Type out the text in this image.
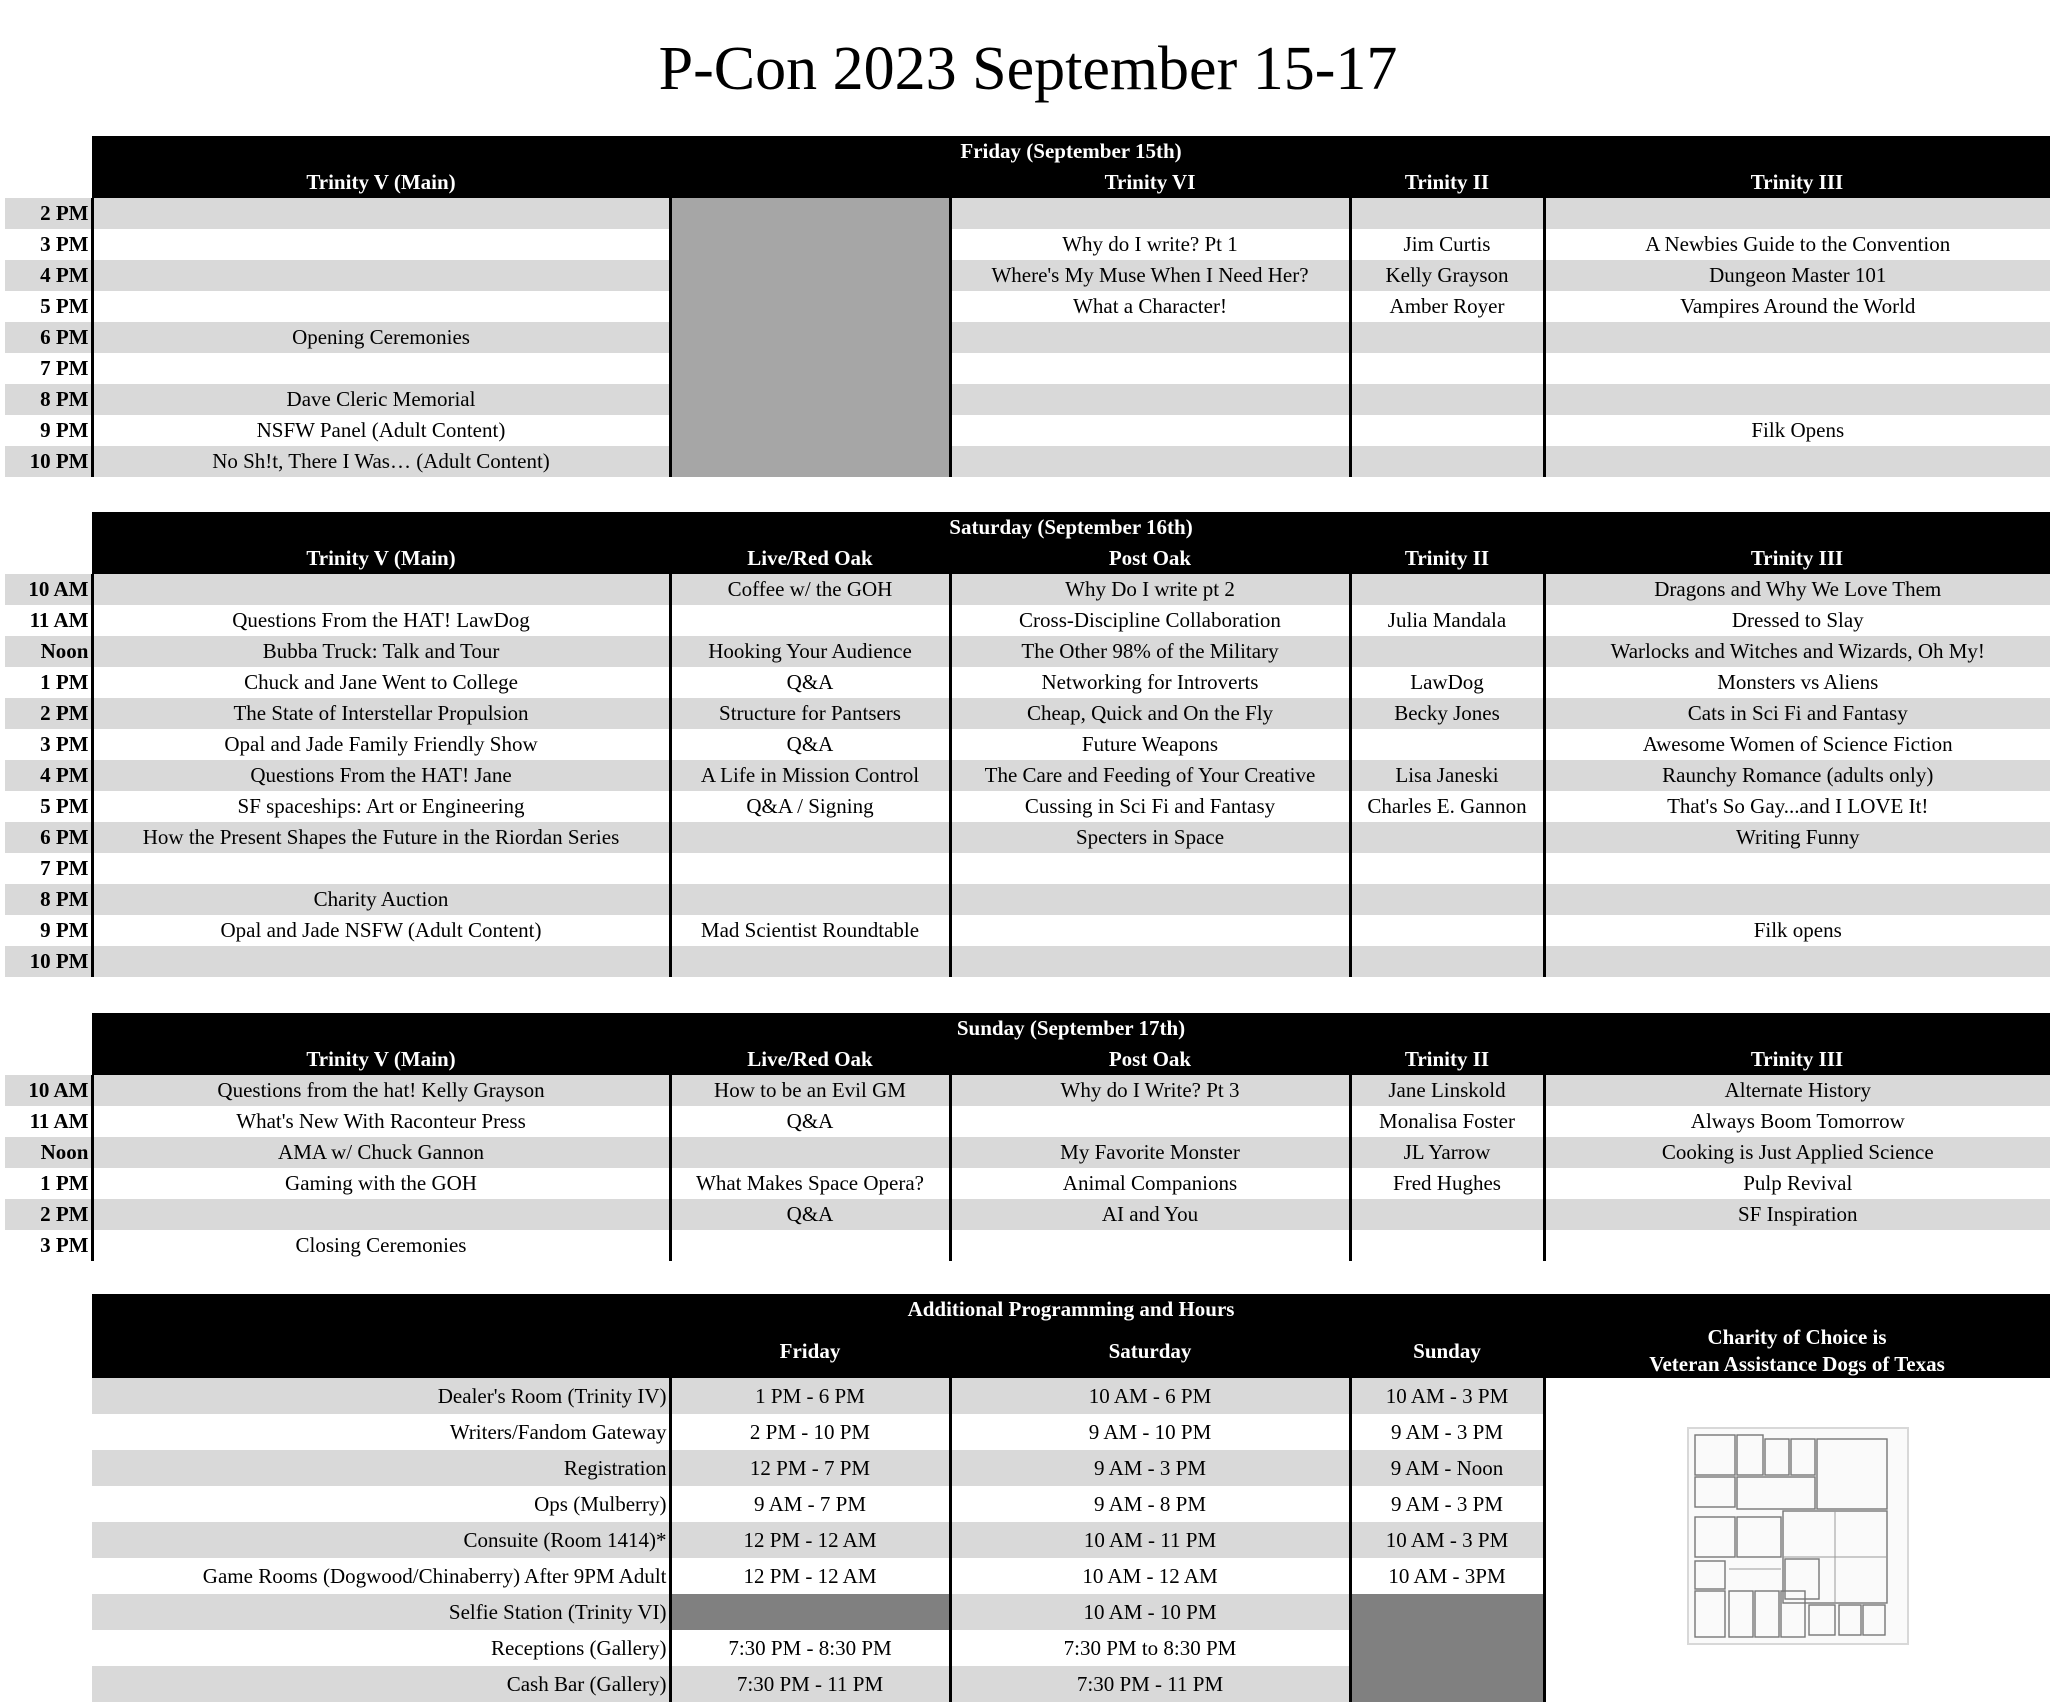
P-Con 2023 September 15-17
	Friday (September 15th)				
	Trinity V (Main)		Trinity VI	Trinity II	Trinity III
2 PM					
3 PM			Why do I write? Pt 1	Jim Curtis	A Newbies Guide to the Convention
4 PM			Where's My Muse When I Need Her?	Kelly Grayson	Dungeon Master 101
5 PM			What a Character!	Amber Royer	Vampires Around the World
6 PM	Opening Ceremonies				
7 PM					
8 PM	Dave Cleric Memorial				
9 PM	NSFW Panel (Adult Content)				Filk Opens
10 PM	No Sh!t, There I Was… (Adult Content)				
	Saturday (September 16th)				
	Trinity V (Main)	Live/Red Oak	Post Oak	Trinity II	Trinity III
10 AM		Coffee w/ the GOH	Why Do I write pt 2		Dragons and Why We Love Them
11 AM	Questions From the HAT! LawDog		Cross-Discipline Collaboration	Julia Mandala	Dressed to Slay
Noon	Bubba Truck: Talk and Tour	Hooking Your Audience	The Other 98% of the Military		Warlocks and Witches and Wizards, Oh My!
1 PM	Chuck and Jane Went to College	Q&A	Networking for Introverts	LawDog	Monsters vs Aliens
2 PM	The State of Interstellar Propulsion	Structure for Pantsers	Cheap, Quick and On the Fly	Becky Jones	Cats in Sci Fi and Fantasy
3 PM	Opal and Jade Family Friendly Show	Q&A	Future Weapons		Awesome Women of Science Fiction
4 PM	Questions From the HAT! Jane	A Life in Mission Control	The Care and Feeding of Your Creative	Lisa Janeski	Raunchy Romance (adults only)
5 PM	SF spaceships: Art or Engineering	Q&A / Signing	Cussing in Sci Fi and Fantasy	Charles E. Gannon	That's So Gay...and I LOVE It!
6 PM	How the Present Shapes the Future in the Riordan Series		Specters in Space		Writing Funny
7 PM					
8 PM	Charity Auction				
9 PM	Opal and Jade NSFW (Adult Content)	Mad Scientist Roundtable			Filk opens
10 PM					
	Sunday (September 17th)				
	Trinity V (Main)	Live/Red Oak	Post Oak	Trinity II	Trinity III
10 AM	Questions from the hat! Kelly Grayson	How to be an Evil GM	Why do I Write? Pt 3	Jane Linskold	Alternate History
11 AM	What's New With Raconteur Press	Q&A		Monalisa Foster	Always Boom Tomorrow
Noon	AMA w/ Chuck Gannon		My Favorite Monster	JL Yarrow	Cooking is Just Applied Science
1 PM	Gaming with the GOH	What Makes Space Opera?	Animal Companions	Fred Hughes	Pulp Revival
2 PM		Q&A	AI and You		SF Inspiration
3 PM	Closing Ceremonies				
Additional Programming and Hours				
	Friday	Saturday	Sunday	Charity of Choice is
Veteran Assistance Dogs of Texas
Dealer's Room (Trinity IV)	1 PM - 6 PM	10 AM - 6 PM	10 AM - 3 PM	
Writers/Fandom Gateway	2 PM - 10 PM	9 AM - 10 PM	9 AM - 3 PM	
Registration	12 PM - 7 PM	9 AM - 3 PM	9 AM - Noon	
Ops (Mulberry)	9 AM - 7 PM	9 AM - 8 PM	9 AM - 3 PM	
Consuite (Room 1414)*	12 PM - 12 AM	10 AM - 11 PM	10 AM - 3 PM	
Game Rooms (Dogwood/Chinaberry) After 9PM Adult	12 PM - 12 AM	10 AM - 12 AM	10 AM - 3PM	
Selfie Station (Trinity VI)		10 AM - 10 PM		
Receptions (Gallery)	7:30 PM - 8:30 PM	7:30 PM to 8:30 PM		
Cash Bar (Gallery)	7:30 PM - 11 PM	7:30 PM - 11 PM		
